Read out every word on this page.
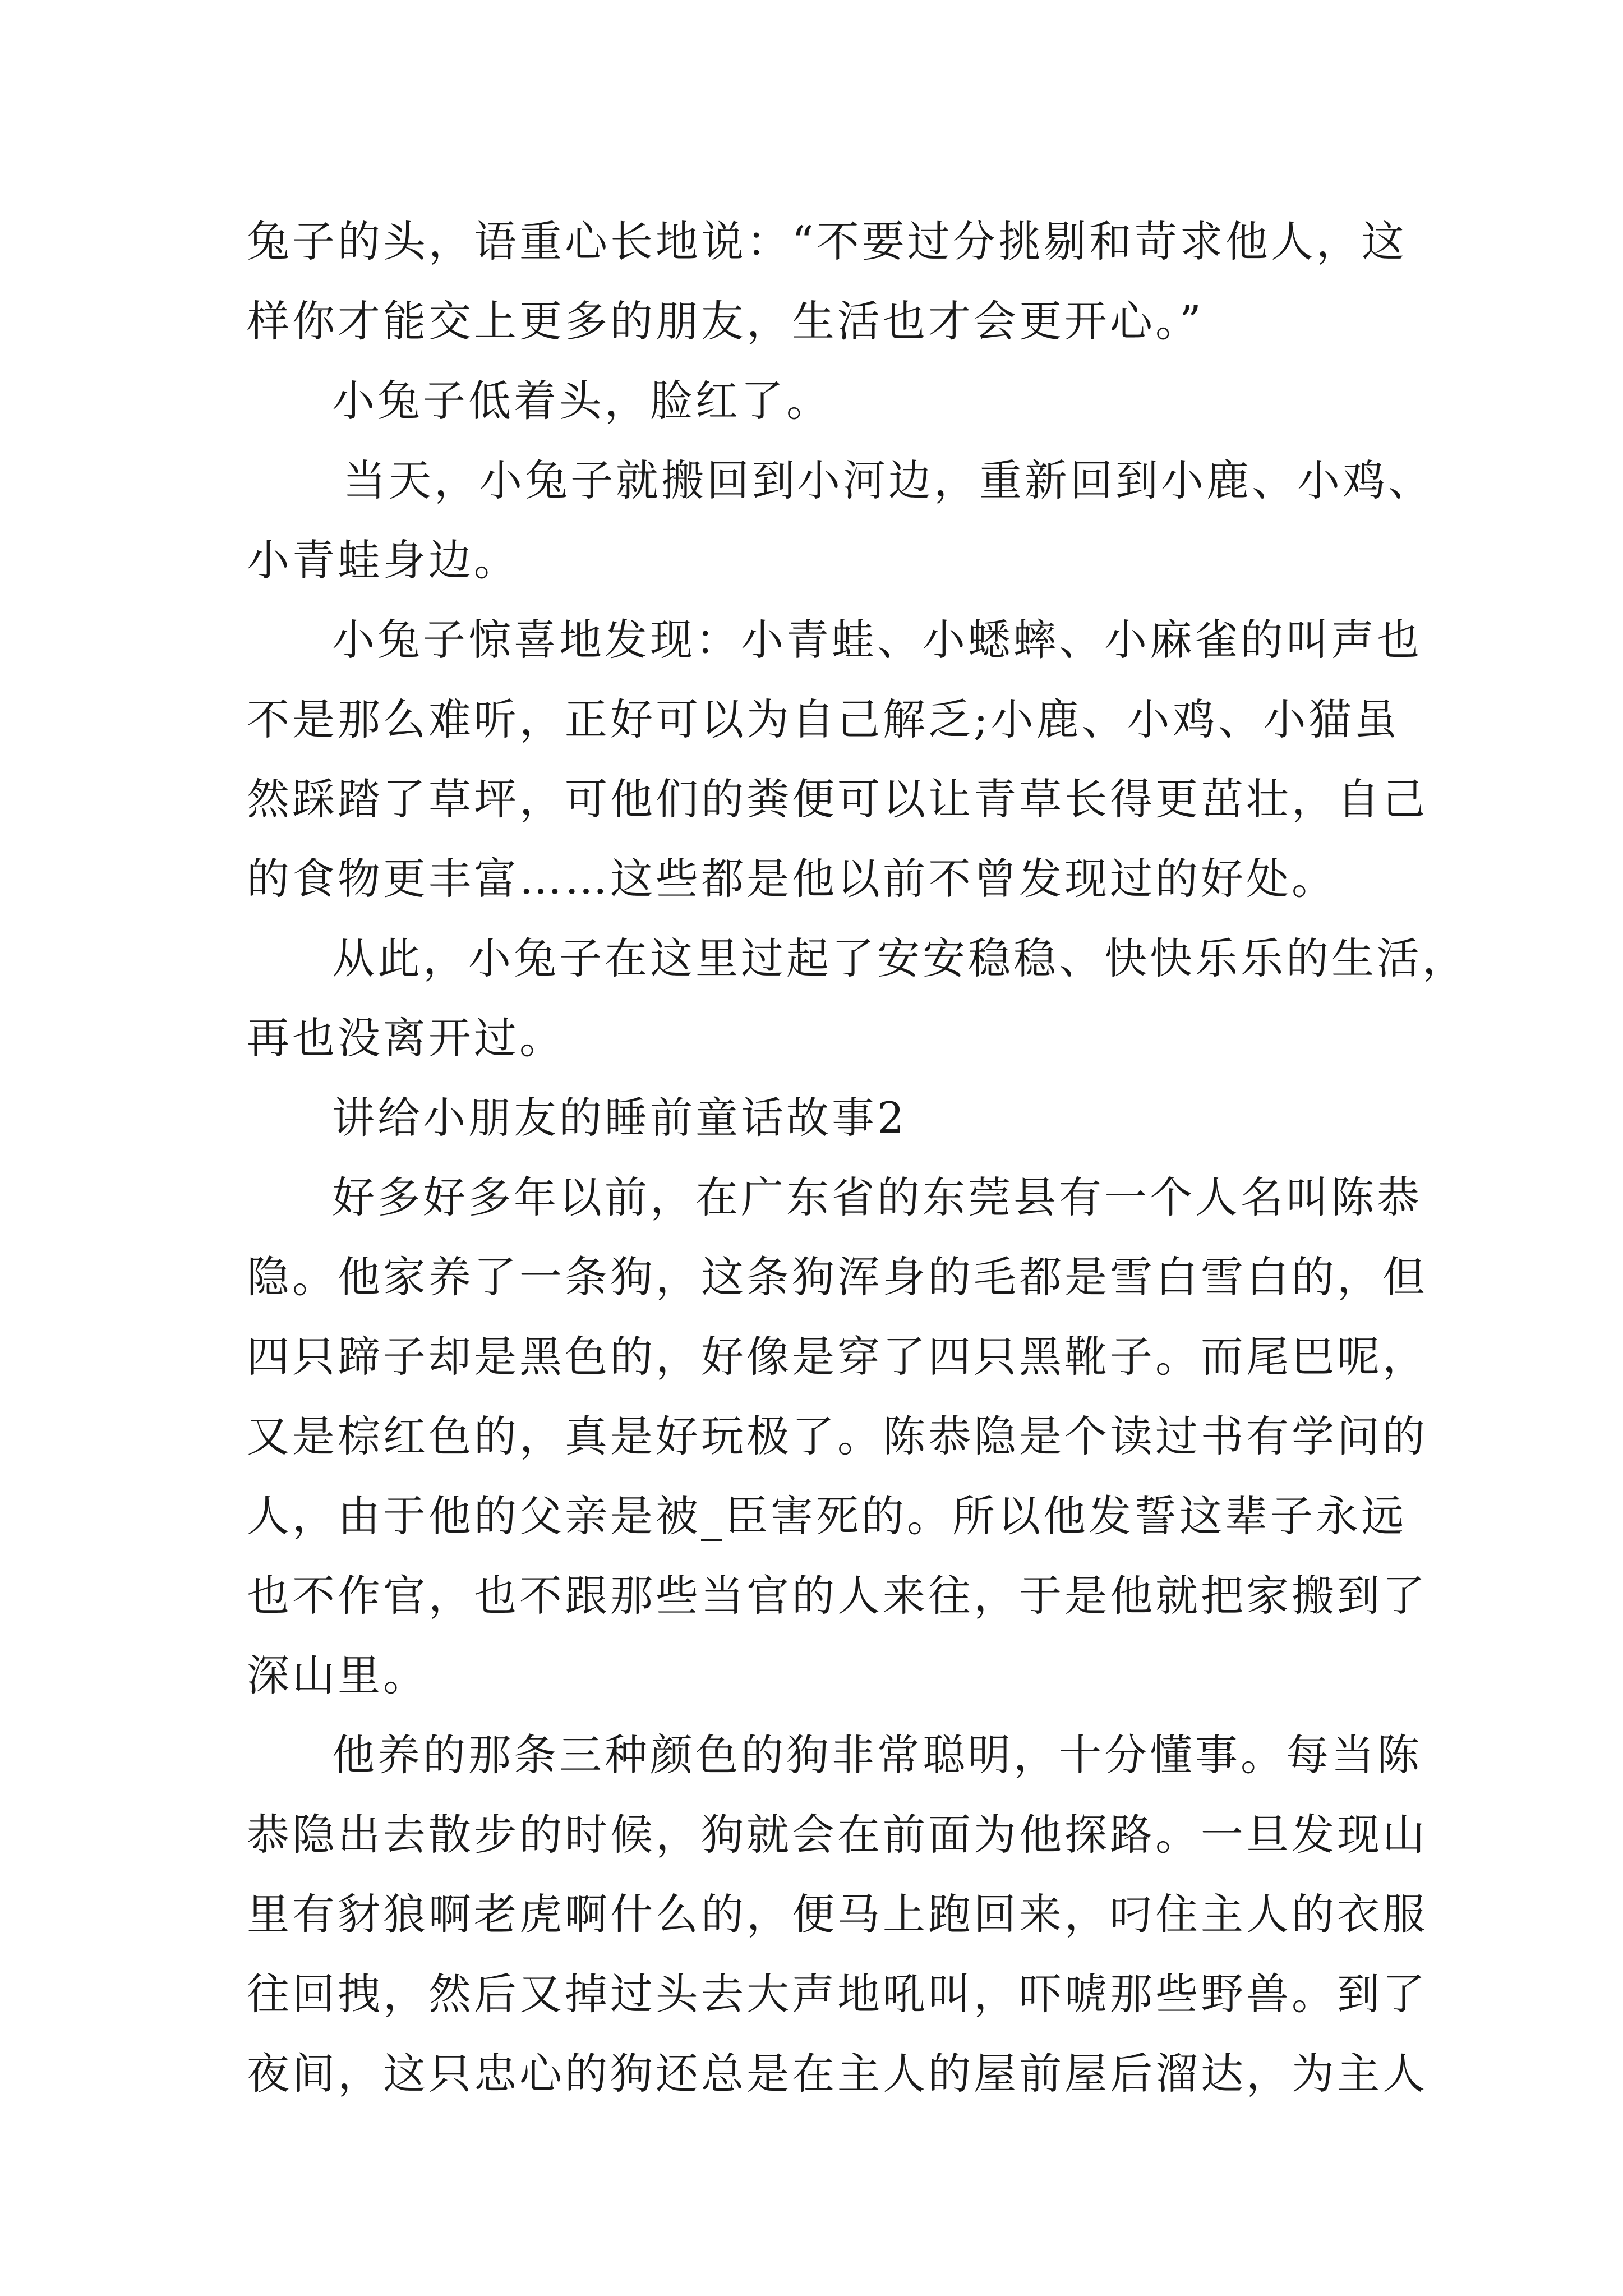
兔子的头，语重心长地说：“不要过分挑剔和苛求他人，这
样你才能交上更多的朋友，生活也才会更开心。”
小兔子低着头，脸红了。
当天，小兔子就搬回到小河边，重新回到小鹿、小鸡、
小青蛙身边。
小兔子惊喜地发现：小青蛙、小蟋蟀、小麻雀的叫声也
不是那么难听，正好可以为自己解乏;小鹿、小鸡、小猫虽
然踩踏了草坪，可他们的粪便可以让青草长得更茁壮，自己
的食物更丰富……这些都是他以前不曾发现过的好处。
从此，小兔子在这里过起了安安稳稳、快快乐乐的生活，
再也没离开过。
讲给小朋友的睡前童话故事2
好多好多年以前，在广东省的东莞县有一个人名叫陈恭
隐。他家养了一条狗，这条狗浑身的毛都是雪白雪白的，但
四只蹄子却是黑色的，好像是穿了四只黑靴子。而尾巴呢，
又是棕红色的，真是好玩极了。陈恭隐是个读过书有学问的
人，由于他的父亲是被_臣害死的。所以他发誓这辈子永远
也不作官，也不跟那些当官的人来往，于是他就把家搬到了
深山里。
他养的那条三种颜色的狗非常聪明，十分懂事。每当陈
恭隐出去散步的时候，狗就会在前面为他探路。一旦发现山
里有豺狼啊老虎啊什么的，便马上跑回来，叼住主人的衣服
往回拽，然后又掉过头去大声地吼叫，吓唬那些野兽。到了
夜间，这只忠心的狗还总是在主人的屋前屋后溜达，为主人
